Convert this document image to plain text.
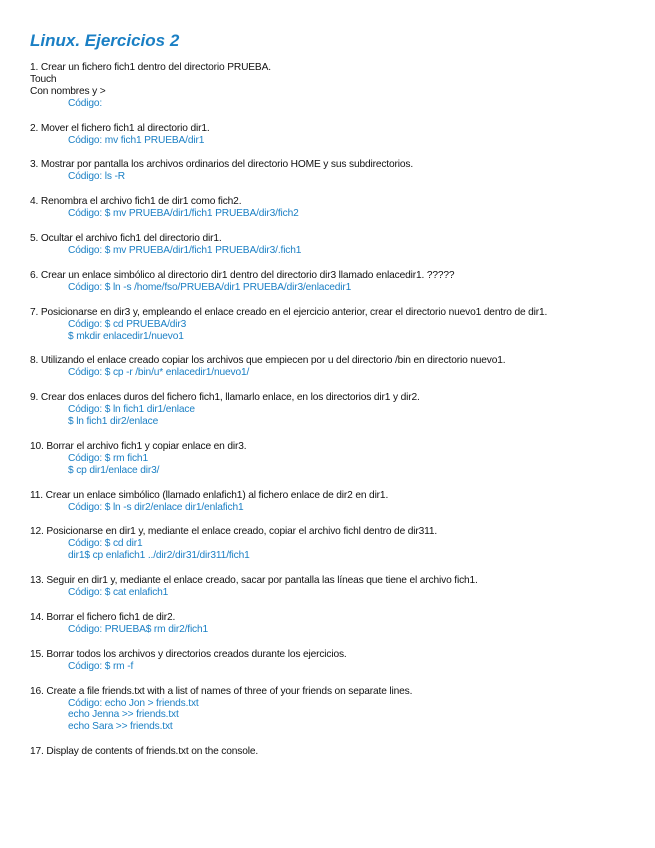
Linux. Ejercicios 2
1. Crear un fichero fich1 dentro del directorio PRUEBA.
Touch
Con nombres y >
Código:
2. Mover el fichero fich1 al directorio dir1.
Código: mv fich1 PRUEBA/dir1
3. Mostrar por pantalla los archivos ordinarios del directorio HOME y sus subdirectorios.
Código: ls -R
4. Renombra el archivo fich1 de dir1 como fich2.
Código: $ mv PRUEBA/dir1/fich1 PRUEBA/dir3/fich2
5. Ocultar el archivo fich1 del directorio dir1.
Código: $ mv PRUEBA/dir1/fich1 PRUEBA/dir3/.fich1
6. Crear un enlace simbólico al directorio dir1 dentro del directorio dir3 llamado enlacedir1. ?????
Código: $ ln -s /home/fso/PRUEBA/dir1 PRUEBA/dir3/enlacedir1
7. Posicionarse en dir3 y, empleando el enlace creado en el ejercicio anterior, crear el directorio nuevo1 dentro de dir1.
Código: $ cd PRUEBA/dir3
$ mkdir enlacedir1/nuevo1
8. Utilizando el enlace creado copiar los archivos que empiecen por u del directorio /bin en directorio nuevo1.
Código: $ cp -r /bin/u* enlacedir1/nuevo1/
9. Crear dos enlaces duros del fichero fich1, llamarlo enlace, en los directorios dir1 y dir2.
Código: $ ln fich1 dir1/enlace
$ ln fich1 dir2/enlace
10. Borrar el archivo fich1 y copiar enlace en dir3.
Código: $ rm fich1
$ cp dir1/enlace dir3/
11. Crear un enlace simbólico (llamado enlafich1) al fichero enlace de dir2 en dir1.
Código: $ ln -s dir2/enlace dir1/enlafich1
12. Posicionarse en dir1 y, mediante el enlace creado, copiar el archivo fichl dentro de dir311.
Código: $ cd dir1
dir1$ cp enlafich1 ../dir2/dir31/dir311/fich1
13. Seguir en dir1 y, mediante el enlace creado, sacar por pantalla las líneas que tiene el archivo fich1.
Código: $ cat enlafich1
14. Borrar el fichero fich1 de dir2.
Código: PRUEBA$ rm dir2/fich1
15. Borrar todos los archivos y directorios creados durante los ejercicios.
Código: $ rm -f
16. Create a file friends.txt with a list of names of three of your friends on separate lines.
Código: echo Jon > friends.txt
echo Jenna >> friends.txt
echo Sara >> friends.txt
17. Display de contents of friends.txt on the console.
